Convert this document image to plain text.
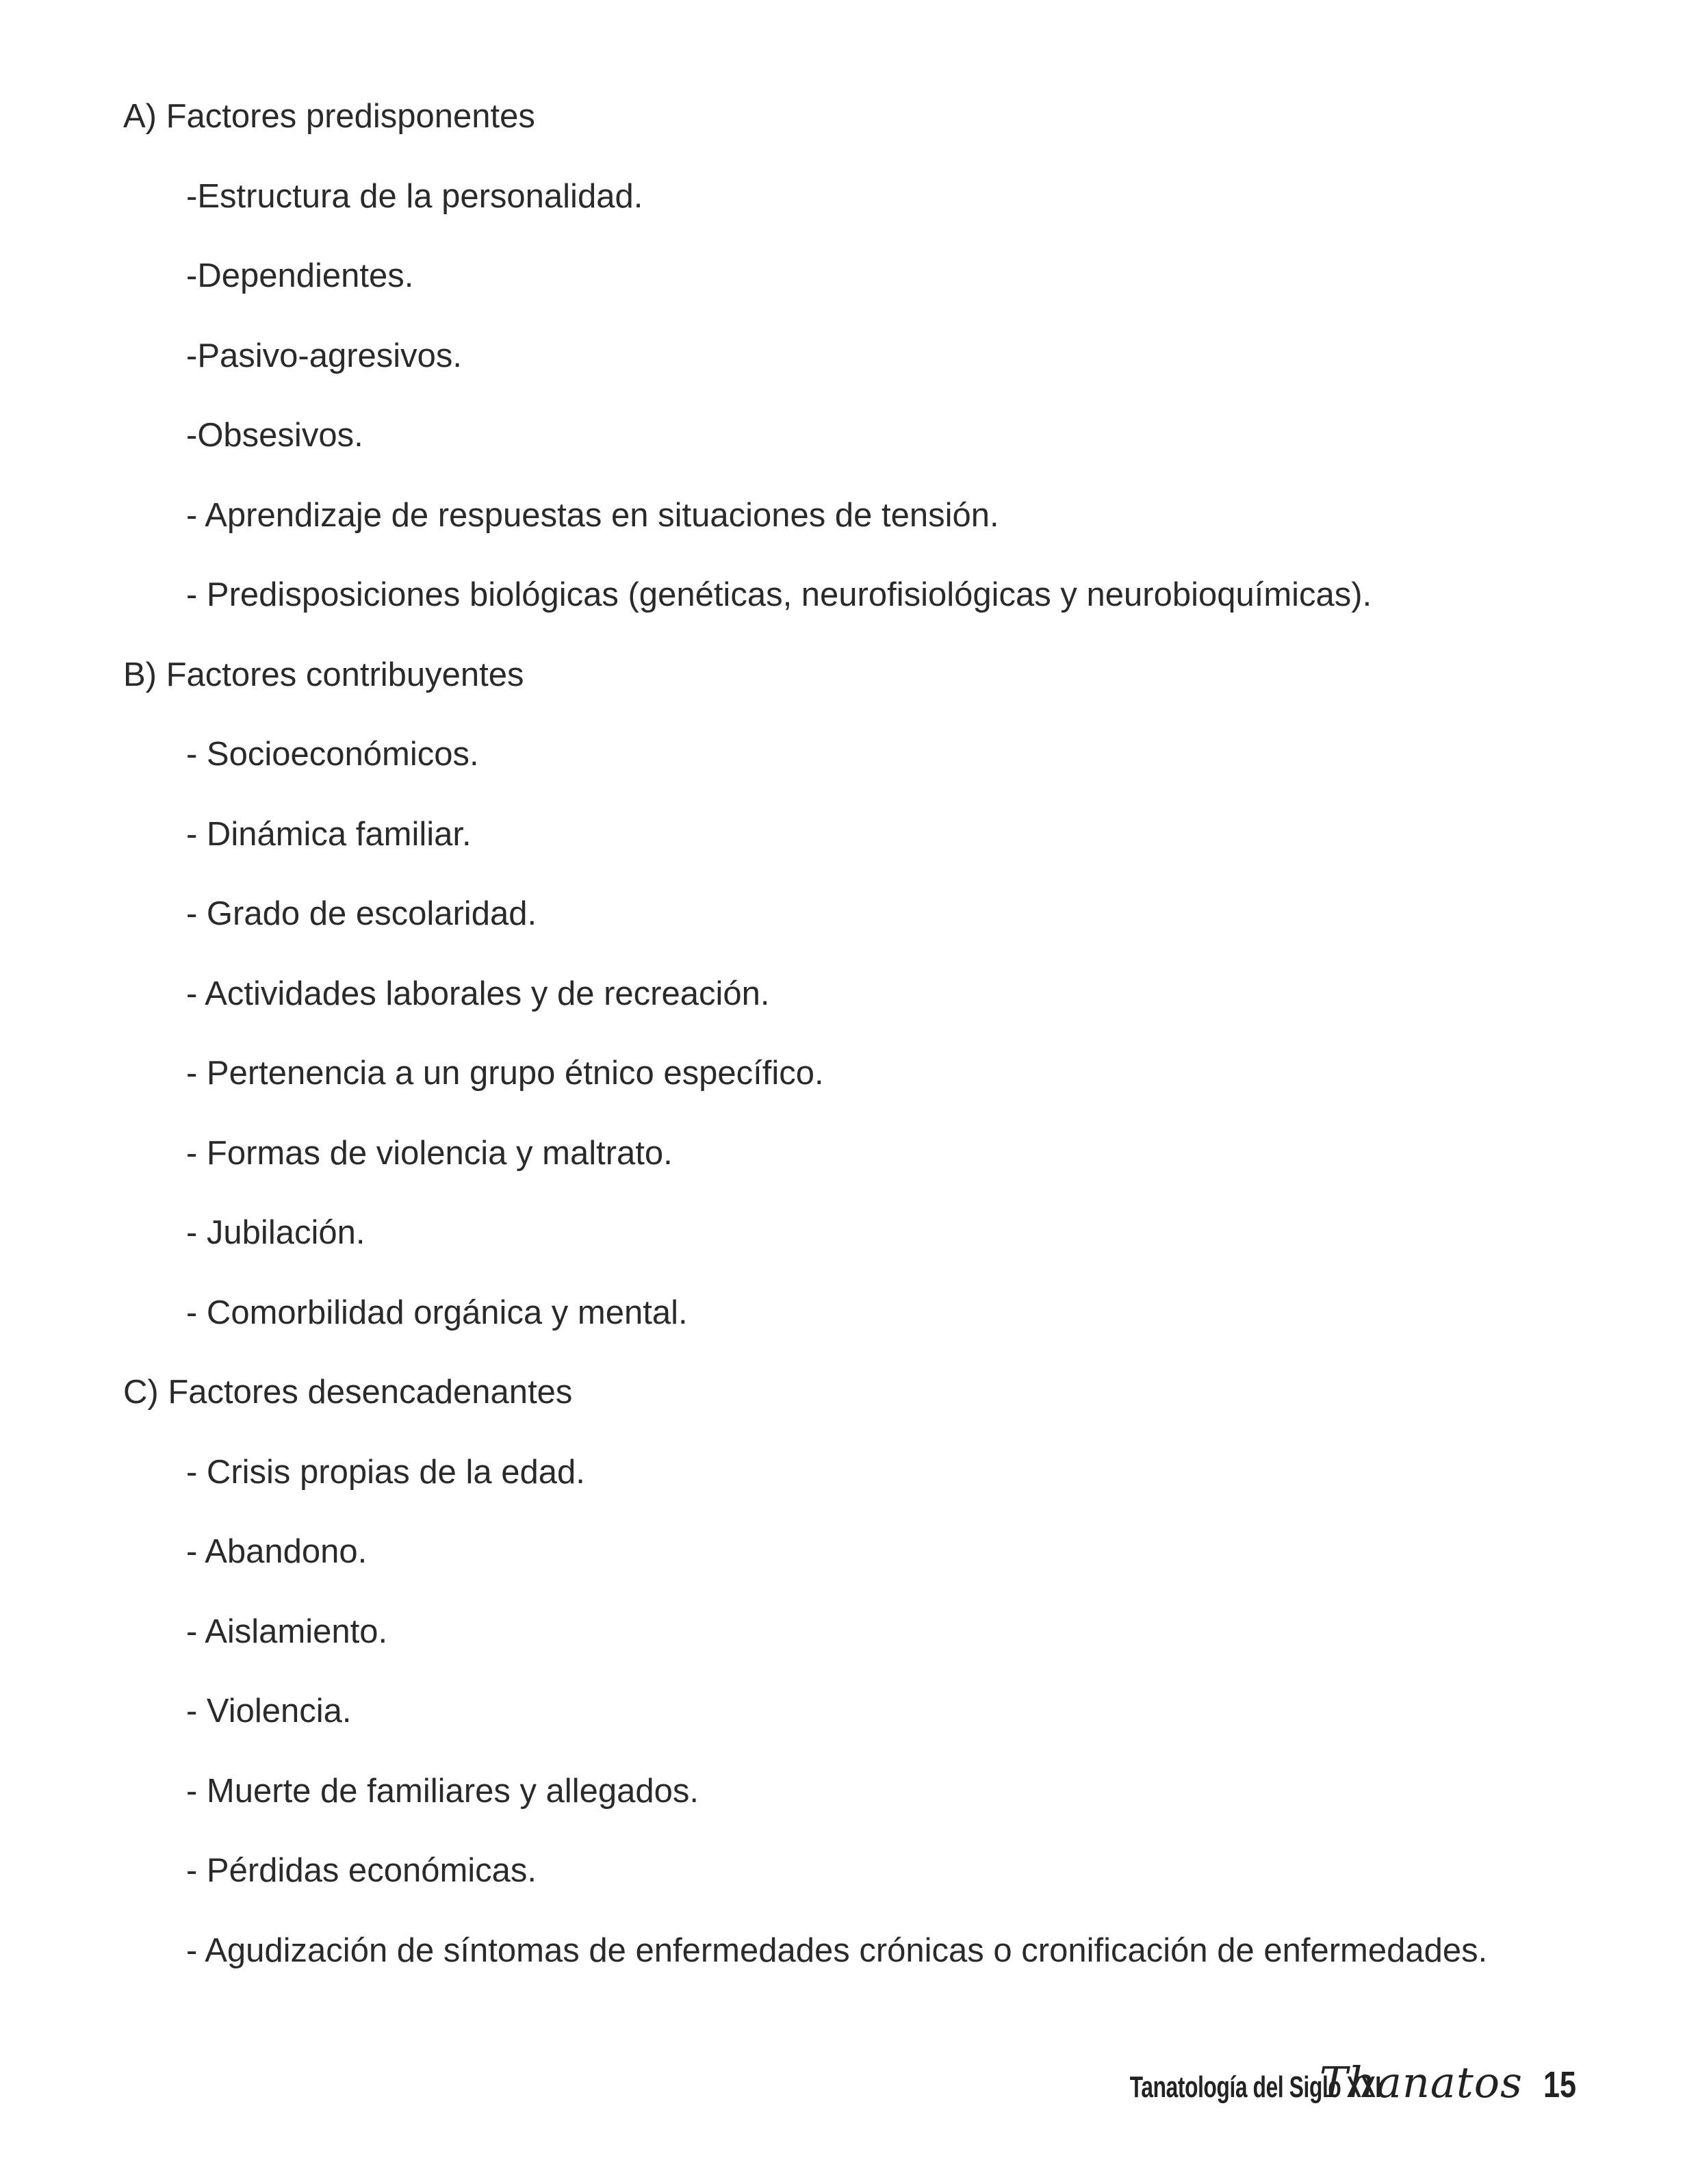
A) Factores predisponentes
-Estructura de la personalidad.
-Dependientes.
-Pasivo-agresivos.
-Obsesivos.
- Aprendizaje de respuestas en situaciones de tensión.
- Predisposiciones biológicas (genéticas, neurofisiológicas y neurobioquímicas).
B) Factores contribuyentes
- Socioeconómicos.
- Dinámica familiar.
- Grado de escolaridad.
- Actividades laborales y de recreación.
- Pertenencia a un grupo étnico específico.
- Formas de violencia y maltrato.
- Jubilación.
- Comorbilidad orgánica y mental.
C) Factores desencadenantes
- Crisis propias de la edad.
- Abandono.
- Aislamiento.
- Violencia.
- Muerte de familiares y allegados.
- Pérdidas económicas.
- Agudización de síntomas de enfermedades crónicas o cronificación de enfermedades.
Tanatología del Siglo XXI
Thanatos 15
